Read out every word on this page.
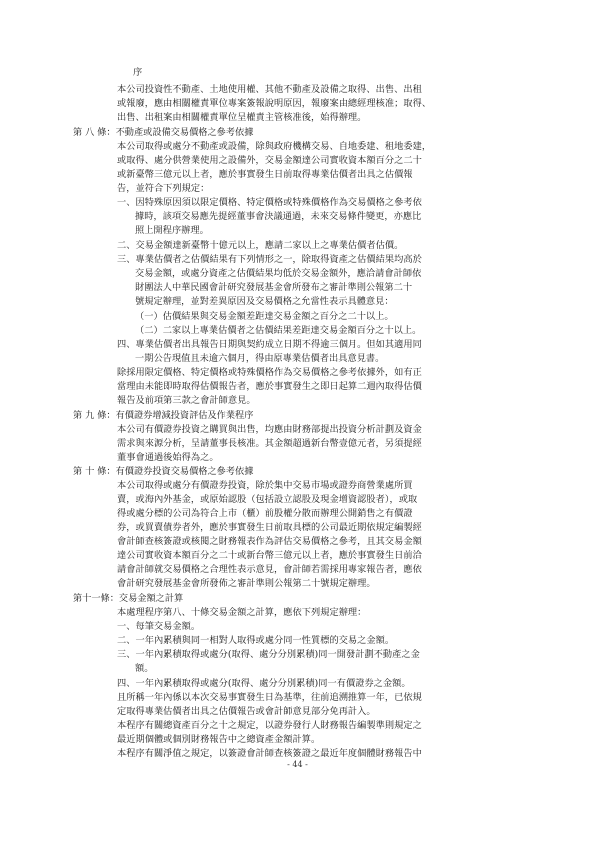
序
本公司投資性不動產、土地使用權、其他不動產及設備之取得、出售、出租
或報廢，應由相關權責單位專案簽報說明原因，報廢案由總經理核准；取得、
出售、出租案由相關權責單位呈權責主管核准後，始得辦理。
第 八 條：不動產或設備交易價格之參考依據
本公司取得或處分不動產或設備，除與政府機構交易、自地委建、租地委建，
或取得、處分供營業使用之設備外，交易金額達公司實收資本額百分之二十
或新臺幣三億元以上者，應於事實發生日前取得專業估價者出具之估價報
告，並符合下列規定：
一、因特殊原因須以限定價格、特定價格或特殊價格作為交易價格之參考依
據時，該項交易應先提經董事會決議通過，未來交易條件變更，亦應比
照上開程序辦理。
二、交易金額達新臺幣十億元以上，應請二家以上之專業估價者估價。
三、專業估價者之估價結果有下列情形之一，除取得資產之估價結果均高於
交易金額，或處分資產之估價結果均低於交易金額外，應洽請會計師依
財團法人中華民國會計研究發展基金會所發布之審計準則公報第二十
號規定辦理，並對差異原因及交易價格之允當性表示具體意見：
（一）估價結果與交易金額差距達交易金額之百分之二十以上。
（二）二家以上專業估價者之估價結果差距達交易金額百分之十以上。
四、專業估價者出具報告日期與契約成立日期不得逾三個月。但如其適用同
一期公告現值且未逾六個月，得由原專業估價者出具意見書。
除採用限定價格、特定價格或特殊價格作為交易價格之參考依據外，如有正
當理由未能即時取得估價報告者，應於事實發生之即日起算二週內取得估價
報告及前項第三款之會計師意見。
第 九 條：有價證券增減投資評估及作業程序
本公司有價證券投資之購買與出售，均應由財務部提出投資分析計劃及資金
需求與來源分析，呈請董事長核准。其金額超過新台幣壹億元者，另須提經
董事會通過後始得為之。
第 十 條：有價證券投資交易價格之參考依據
本公司取得或處分有價證券投資，除於集中交易市場或證券商營業處所買
賣，或海內外基金，或原始認股（包括設立認股及現金增資認股者），或取
得或處分標的公司為符合上市（櫃）前股權分散而辦理公開銷售之有價證
券，或買賣債券者外，應於事實發生日前取具標的公司最近期依規定編製經
會計師查核簽證或核閱之財務報表作為評估交易價格之參考，且其交易金額
達公司實收資本額百分之二十或新台幣三億元以上者，應於事實發生日前洽
請會計師就交易價格之合理性表示意見，會計師若需採用專家報告者，應依
會計研究發展基金會所發佈之審計準則公報第二十號規定辦理。
第十一條：交易金額之計算
本處理程序第八、十條交易金額之計算，應依下列規定辦理：
一、每筆交易金額。
二、一年內累積與同一相對人取得或處分同一性質標的交易之金額。
三、一年內累積取得或處分(取得、處分分別累積)同一開發計劃不動產之金
額。
四、一年內累積取得或處分(取得、處分分別累積)同一有價證券之金額。
且所稱一年內係以本次交易事實發生日為基準，往前追溯推算一年，已依規
定取得專業估價者出具之估價報告或會計師意見部分免再計入。
本程序有關總資產百分之十之規定，以證券發行人財務報告編製準則規定之
最近期個體或個別財務報告中之總資產金額計算。
本程序有關淨值之規定，以簽證會計師查核簽證之最近年度個體財務報告中
- 44 -
